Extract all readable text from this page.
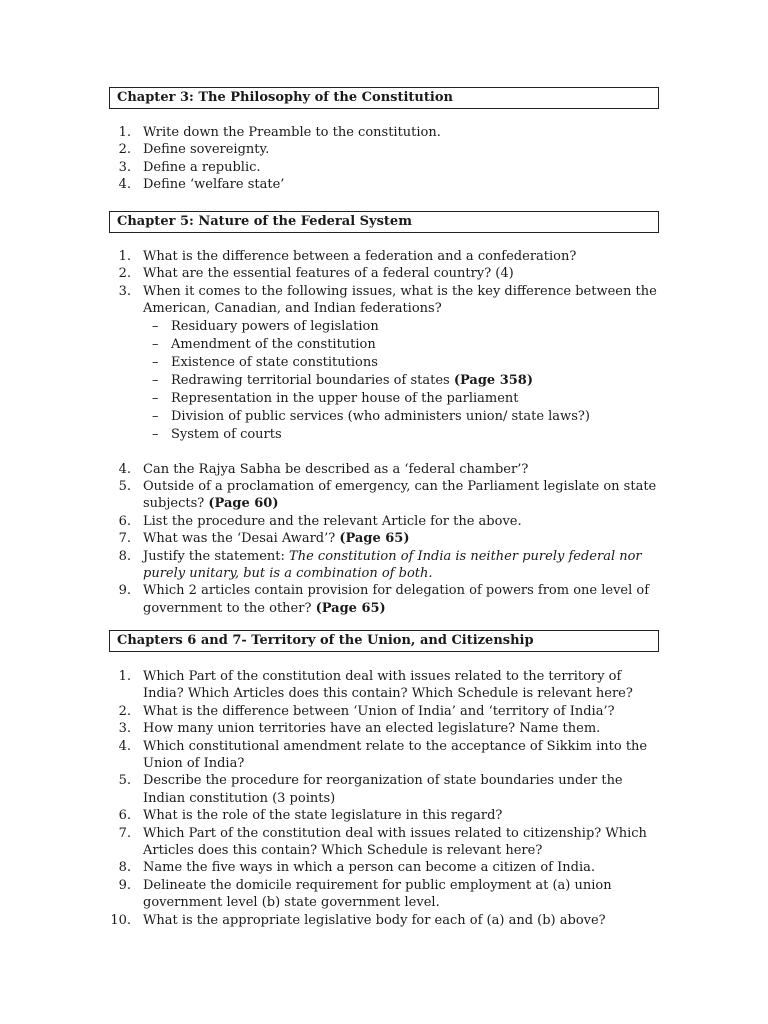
Chapter 3: The Philosophy of the Constitution
1. Write down the Preamble to the constitution.
2. Define sovereignty.
3. Define a republic.
4. Define ‘welfare state’
Chapter 5: Nature of the Federal System
1. What is the difference between a federation and a confederation?
2. What are the essential features of a federal country? (4)
3. When it comes to the following issues, what is the key difference between the American, Canadian, and Indian federations?
– Residuary powers of legislation
– Amendment of the constitution
– Existence of state constitutions
– Redrawing territorial boundaries of states (Page 358)
– Representation in the upper house of the parliament
– Division of public services (who administers union/ state laws?)
– System of courts
4. Can the Rajya Sabha be described as a ‘federal chamber’?
5. Outside of a proclamation of emergency, can the Parliament legislate on state subjects? (Page 60)
6. List the procedure and the relevant Article for the above.
7. What was the ‘Desai Award’? (Page 65)
8. Justify the statement: The constitution of India is neither purely federal nor purely unitary, but is a combination of both.
9. Which 2 articles contain provision for delegation of powers from one level of government to the other? (Page 65)
Chapters 6 and 7- Territory of the Union, and Citizenship
1. Which Part of the constitution deal with issues related to the territory of India? Which Articles does this contain? Which Schedule is relevant here?
2. What is the difference between ‘Union of India’ and ‘territory of India’?
3. How many union territories have an elected legislature? Name them.
4. Which constitutional amendment relate to the acceptance of Sikkim into the Union of India?
5. Describe the procedure for reorganization of state boundaries under the Indian constitution (3 points)
6. What is the role of the state legislature in this regard?
7. Which Part of the constitution deal with issues related to citizenship? Which Articles does this contain? Which Schedule is relevant here?
8. Name the five ways in which a person can become a citizen of India.
9. Delineate the domicile requirement for public employment at (a) union government level (b) state government level.
10. What is the appropriate legislative body for each of (a) and (b) above?
